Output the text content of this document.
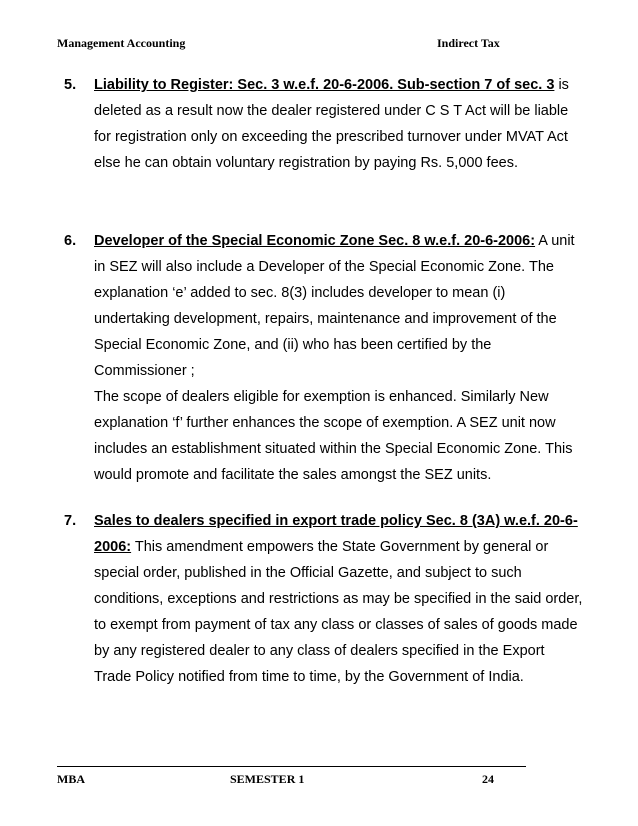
Management Accounting	Indirect Tax
5.	Liability to Register: Sec. 3 w.e.f. 20-6-2006. Sub-section 7 of sec. 3 is deleted as a result now the dealer registered under C S T Act will be liable for registration only on exceeding the prescribed turnover under MVAT Act else he can obtain voluntary registration by paying Rs. 5,000 fees.
6.	Developer of the Special Economic Zone Sec. 8 w.e.f. 20-6-2006: A unit in SEZ will also include a Developer of the Special Economic Zone. The explanation ‘e’ added to sec. 8(3) includes developer to mean (i) undertaking development, repairs, maintenance and improvement of the Special Economic Zone, and (ii) who has been certified by the Commissioner ;
The scope of dealers eligible for exemption is enhanced. Similarly New explanation ‘f’ further enhances the scope of exemption. A SEZ unit now includes an establishment situated within the Special Economic Zone. This would promote and facilitate the sales amongst the SEZ units.
7.	Sales to dealers specified in export trade policy Sec. 8 (3A) w.e.f. 20-6-2006: This amendment empowers the State Government by general or special order, published in the Official Gazette, and subject to such conditions, exceptions and restrictions as may be specified in the said order, to exempt from payment of tax any class or classes of sales of goods made by any registered dealer to any class of dealers specified in the Export Trade Policy notified from time to time, by the Government of India.
MBA	SEMESTER 1	24
